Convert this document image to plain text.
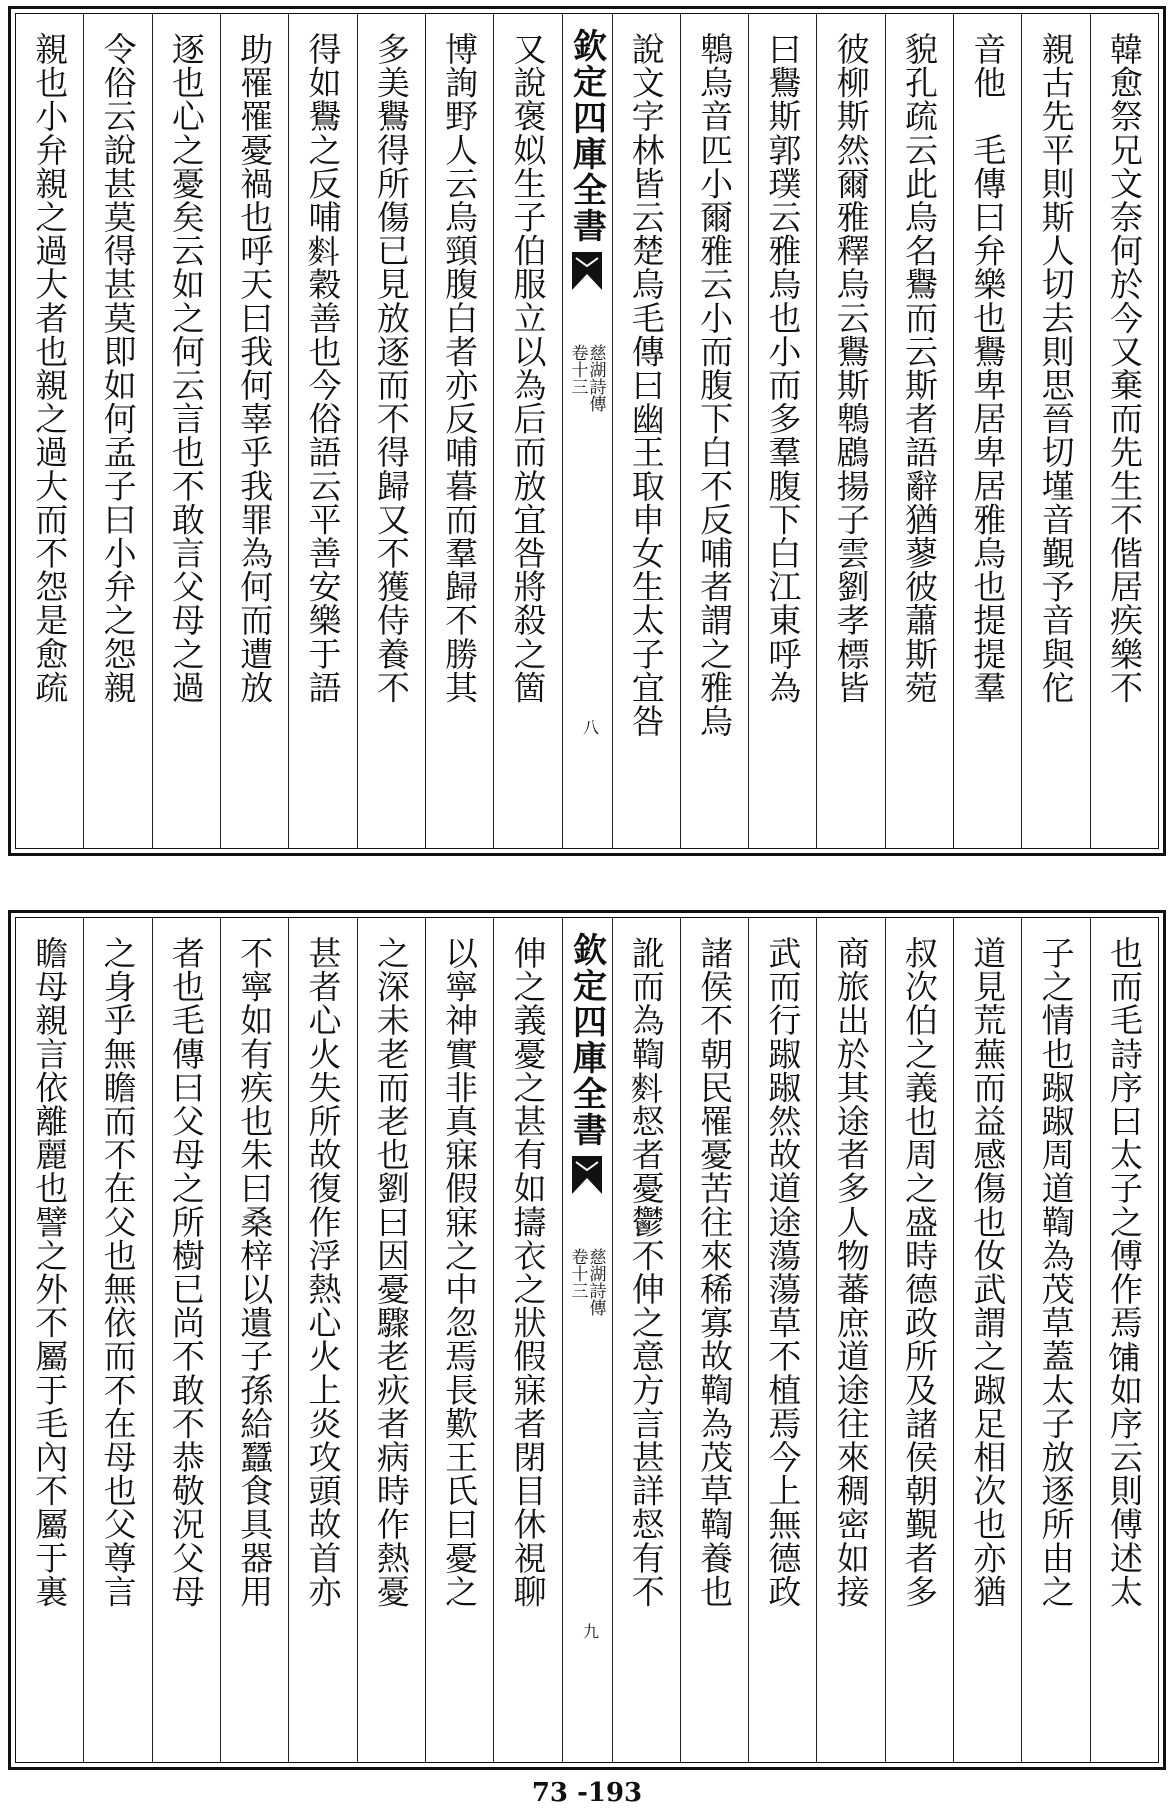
韓愈祭兄文奈何於今又棄而先生不偕居疾樂不
親古先平則斯人切去則思晉切墐音覲予音與佗
音他　毛傳曰弁樂也鸒卑居卑居雅烏也提提羣
貌孔疏云此烏名鸒而云斯者語辭猶蓼彼蕭斯菀
彼柳斯然爾雅釋烏云鸒斯鵯鶋揚子雲劉孝標皆
曰鸒斯郭璞云雅烏也小而多羣腹下白江東呼為
鵯烏音匹小爾雅云小而腹下白不反哺者謂之雅烏
說文字林皆云楚烏毛傳曰幽王取申女生太子宜咎
欽定四庫全書
慈湖詩傳
卷十三
八
又說褒姒生子伯服立以為后而放宜咎將殺之箇
博詢野人云烏頸腹白者亦反哺暮而羣歸不勝其
多美鸒得所傷已見放逐而不得歸又不獲侍養不
得如鸒之反哺𪌉穀善也今俗語云平善安樂于語
助罹罹憂禍也呼天曰我何辜乎我罪為何而遭放
逐也心之憂矣云如之何云言也不敢言父母之過
令俗云說甚莫得甚莫即如何孟子曰小弁之怨親
親也小弁親之過大者也親之過大而不怨是愈疏
也而毛詩序曰太子之傅作焉𫗦如序云則傅述太
子之情也踧踧周道鞫為茂草蓋太子放逐所由之
道見荒蕪而益感傷也㚢武謂之踧足相次也亦猶
叔次伯之義也周之盛時德政所及諸侯朝覲者多
商旅出於其途者多人物蕃庶道途往來稠密如接
武而行踧踧然故道途蕩蕩草不植焉今上無德政
諸侯不朝民罹憂苦往來稀寡故鞫為茂草鞫養也
訛而為鞫𪌉惄者憂鬱不伸之意方言甚詳惄有不
欽定四庫全書
慈湖詩傳
卷十三
九
伸之義憂之甚有如擣衣之狀假寐者閉目休視聊
以寧神實非真寐假寐之中忽焉長歎王氏曰憂之
之深未老而老也劉曰因憂驟老疢者病時作熱憂
甚者心火失所故復作浮熱心火上炎攻頭故首亦
不寧如有疾也朱曰桑梓以遺子孫給蠶食具器用
者也毛傳曰父母之所樹已尚不敢不恭敬況父母
之身乎無瞻而不在父也無依而不在母也父尊言
瞻母親言依離麗也譬之外不屬于毛內不屬于裏
73 -193
